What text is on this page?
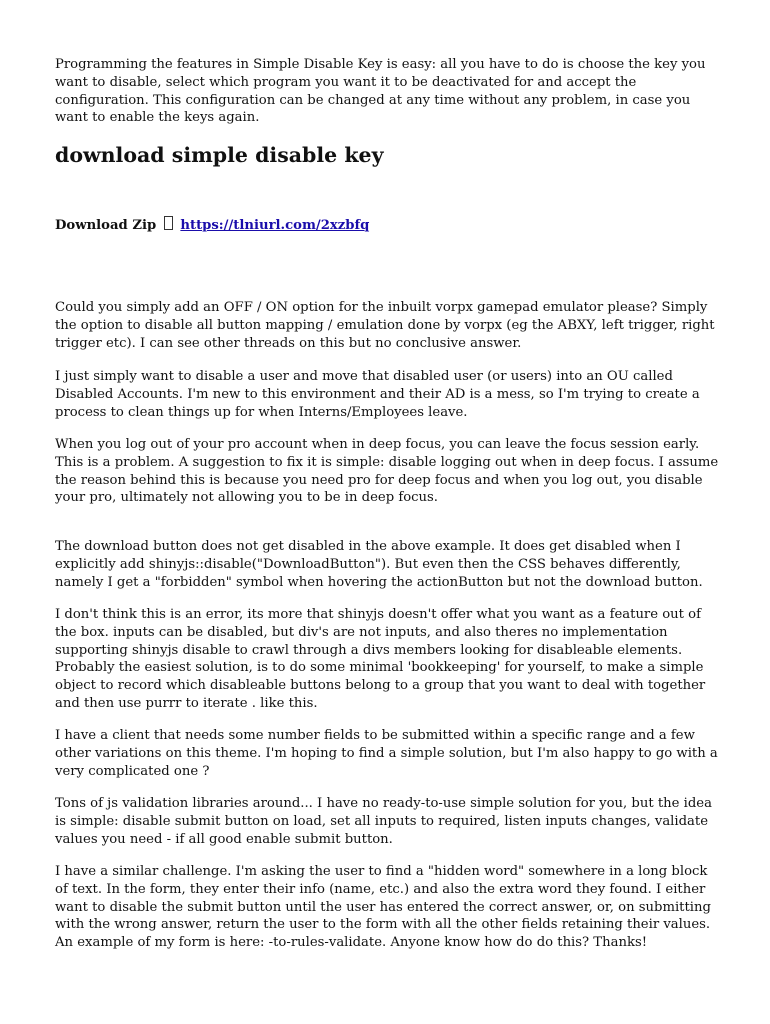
Programming the features in Simple Disable Key is easy: all you have to do is choose the key you want to disable, select which program you want it to be deactivated for and accept the configuration. This configuration can be changed at any time without any problem, in case you want to enable the keys again.

download simple disable key
Download Zip https://tlniurl.com/2xzbfq

Could you simply add an OFF / ON option for the inbuilt vorpx gamepad emulator please? Simply the option to disable all button mapping / emulation done by vorpx (eg the ABXY, left trigger, right trigger etc). I can see other threads on this but no conclusive answer.

I just simply want to disable a user and move that disabled user (or users) into an OU called Disabled Accounts. I'm new to this environment and their AD is a mess, so I'm trying to create a process to clean things up for when Interns/Employees leave.

When you log out of your pro account when in deep focus, you can leave the focus session early. This is a problem. A suggestion to fix it is simple: disable logging out when in deep focus. I assume the reason behind this is because you need pro for deep focus and when you log out, you disable your pro, ultimately not allowing you to be in deep focus.

The download button does not get disabled in the above example. It does get disabled when I explicitly add shinyjs::disable("DownloadButton"). But even then the CSS behaves differently, namely I get a "forbidden" symbol when hovering the actionButton but not the download button.

I don't think this is an error, its more that shinyjs doesn't offer what you want as a feature out of the box. inputs can be disabled, but div's are not inputs, and also theres no implementation supporting shinyjs disable to crawl through a divs members looking for disableable elements. Probably the easiest solution, is to do some minimal 'bookkeeping' for yourself, to make a simple object to record which disableable buttons belong to a group that you want to deal with together and then use purrr to iterate . like this.

I have a client that needs some number fields to be submitted within a specific range and a few other variations on this theme. I'm hoping to find a simple solution, but I'm also happy to go with a very complicated one ?

Tons of js validation libraries around... I have no ready-to-use simple solution for you, but the idea is simple: disable submit button on load, set all inputs to required, listen inputs changes, validate values you need - if all good enable submit button.

I have a similar challenge. I'm asking the user to find a "hidden word" somewhere in a long block of text. In the form, they enter their info (name, etc.) and also the extra word they found. I either want to disable the submit button until the user has entered the correct answer, or, on submitting with the wrong answer, return the user to the form with all the other fields retaining their values. An example of my form is here: -to-rules-validate. Anyone know how do do this? Thanks!
